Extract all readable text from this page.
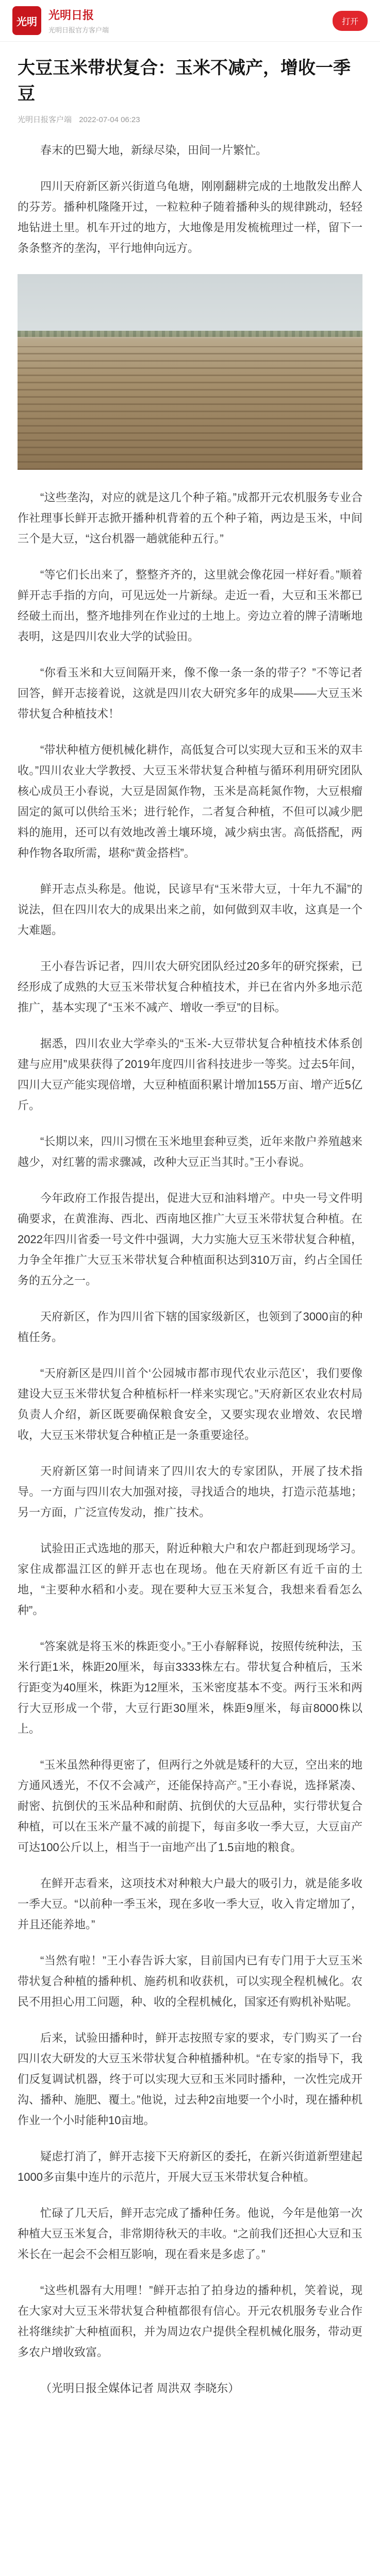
光明	光明日报
光明日报官方客户端
打开
大豆玉米带状复合：玉米不减产，增收一季豆
光明日报客户端 2022-07-04 06:23

春末的巴蜀大地，新绿尽染，田间一片繁忙。

四川天府新区新兴街道乌龟塘，刚刚翻耕完成的土地散发出醉人的芬芳。播种机隆隆开过，一粒粒种子随着播种头的规律跳动，轻轻地钻进土里。机车开过的地方，大地像是用发梳梳理过一样，留下一条条整齐的垄沟，平行地伸向远方。

“这些垄沟，对应的就是这几个种子箱。”成都开元农机服务专业合作社理事长鲜开志掀开播种机背着的五个种子箱，两边是玉米，中间三个是大豆，“这台机器一趟就能种五行。”

“等它们长出来了，整整齐齐的，这里就会像花园一样好看。”顺着鲜开志手指的方向，可见远处一片新绿。走近一看，大豆和玉米都已经破土而出，整齐地排列在作业过的土地上。旁边立着的牌子清晰地表明，这是四川农业大学的试验田。

“你看玉米和大豆间隔开来，像不像一条一条的带子？”不等记者回答，鲜开志接着说，这就是四川农大研究多年的成果——大豆玉米带状复合种植技术！

“带状种植方便机械化耕作，高低复合可以实现大豆和玉米的双丰收。”四川农业大学教授、大豆玉米带状复合种植与循环利用研究团队核心成员王小春说，大豆是固氮作物，玉米是高耗氮作物，大豆根瘤固定的氮可以供给玉米；进行轮作，二者复合种植，不但可以减少肥料的施用，还可以有效地改善土壤环境，减少病虫害。高低搭配，两种作物各取所需，堪称“黄金搭档”。

鲜开志点头称是。他说，民谚早有“玉米带大豆，十年九不漏”的说法，但在四川农大的成果出来之前，如何做到双丰收，这真是一个大难题。

王小春告诉记者，四川农大研究团队经过20多年的研究探索，已经形成了成熟的大豆玉米带状复合种植技术，并已在省内外多地示范推广，基本实现了“玉米不减产、增收一季豆”的目标。

据悉，四川农业大学牵头的“玉米-大豆带状复合种植技术体系创建与应用”成果获得了2019年度四川省科技进步一等奖。过去5年间，四川大豆产能实现倍增，大豆种植面积累计增加155万亩、增产近5亿斤。

“长期以来，四川习惯在玉米地里套种豆类，近年来散户养殖越来越少，对红薯的需求骤减，改种大豆正当其时。”王小春说。

今年政府工作报告提出，促进大豆和油料增产。中央一号文件明确要求，在黄淮海、西北、西南地区推广大豆玉米带状复合种植。在2022年四川省委一号文件中强调，大力实施大豆玉米带状复合种植，力争全年推广大豆玉米带状复合种植面积达到310万亩，约占全国任务的五分之一。

天府新区，作为四川省下辖的国家级新区，也领到了3000亩的种植任务。

“天府新区是四川首个‘公园城市都市现代农业示范区’，我们要像建设大豆玉米带状复合种植标杆一样来实现它。”天府新区农业农村局负责人介绍，新区既要确保粮食安全，又要实现农业增效、农民增收，大豆玉米带状复合种植正是一条重要途径。

天府新区第一时间请来了四川农大的专家团队，开展了技术指导。一方面与四川农大加强对接，寻找适合的地块，打造示范基地；另一方面，广泛宣传发动，推广技术。

试验田正式选地的那天，附近种粮大户和农户都赶到现场学习。家住成都温江区的鲜开志也在现场。他在天府新区有近千亩的土地，“主要种水稻和小麦。现在要种大豆玉米复合，我想来看看怎么种”。

“答案就是将玉米的株距变小。”王小春解释说，按照传统种法，玉米行距1米，株距20厘米，每亩3333株左右。带状复合种植后，玉米行距变为40厘米，株距为12厘米，玉米密度基本不变。两行玉米和两行大豆形成一个带，大豆行距30厘米，株距9厘米，每亩8000株以上。

“玉米虽然种得更密了，但两行之外就是矮秆的大豆，空出来的地方通风透光，不仅不会减产，还能保持高产。”王小春说，选择紧凑、耐密、抗倒伏的玉米品种和耐荫、抗倒伏的大豆品种，实行带状复合种植，可以在玉米产量不减的前提下，每亩多收一季大豆，大豆亩产可达100公斤以上，相当于一亩地产出了1.5亩地的粮食。

在鲜开志看来，这项技术对种粮大户最大的吸引力，就是能多收一季大豆。“以前种一季玉米，现在多收一季大豆，收入肯定增加了，并且还能养地。”

“当然有啦！”王小春告诉大家，目前国内已有专门用于大豆玉米带状复合种植的播种机、施药机和收获机，可以实现全程机械化。农民不用担心用工问题，种、收的全程机械化，国家还有购机补贴呢。

后来，试验田播种时，鲜开志按照专家的要求，专门购买了一台四川农大研发的大豆玉米带状复合种植播种机。“在专家的指导下，我们反复调试机器，终于可以实现大豆和玉米同时播种，一次性完成开沟、播种、施肥、覆土。”他说，过去种2亩地要一个小时，现在播种机作业一个小时能种10亩地。

疑虑打消了，鲜开志接下天府新区的委托，在新兴街道新塑建起1000多亩集中连片的示范片，开展大豆玉米带状复合种植。

忙碌了几天后，鲜开志完成了播种任务。他说，今年是他第一次种植大豆玉米复合，非常期待秋天的丰收。“之前我们还担心大豆和玉米长在一起会不会相互影响，现在看来是多虑了。”

“这些机器有大用哩！”鲜开志拍了拍身边的播种机，笑着说，现在大家对大豆玉米带状复合种植都很有信心。开元农机服务专业合作社将继续扩大种植面积，并为周边农户提供全程机械化服务，带动更多农户增收致富。

（光明日报全媒体记者 周洪双 李晓东）
